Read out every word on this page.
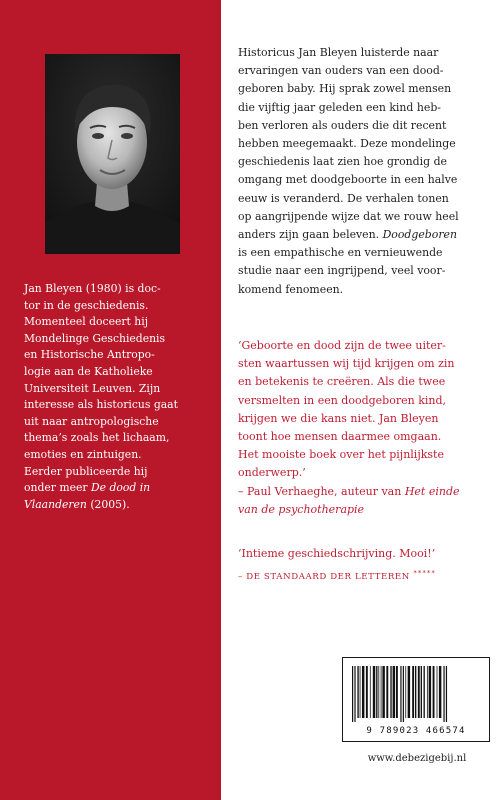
Jan Bleyen (1980) is doc-
tor in de geschiedenis.
Momenteel doceert hij
Mondelinge Geschiedenis
en Historische Antropo-
logie aan de Katholieke
Universiteit Leuven. Zijn
interesse als historicus gaat
uit naar antropologische
thema’s zoals het lichaam,
emoties en zintuigen.
Eerder publiceerde hij
onder meer De dood in
Vlaanderen (2005).
Historicus Jan Bleyen luisterde naar
ervaringen van ouders van een dood-
geboren baby. Hij sprak zowel mensen
die vijftig jaar geleden een kind heb-
ben verloren als ouders die dit recent
hebben meegemaakt. Deze mondelinge
geschiedenis laat zien hoe grondig de
omgang met doodgeboorte in een halve
eeuw is veranderd. De verhalen tonen
op aangrijpende wijze dat we rouw heel
anders zijn gaan beleven. Doodgeboren
is een empathische en vernieuwende
studie naar een ingrijpend, veel voor-
komend fenomeen.
‘Geboorte en dood zijn de twee uiter-
sten waartussen wij tijd krijgen om zin
en betekenis te creëren. Als die twee
versmelten in een doodgeboren kind,
krijgen we die kans niet. Jan Bleyen
toont hoe mensen daarmee omgaan.
Het mooiste boek over het pijnlijkste
onderwerp.’
– Paul Verhaeghe, auteur van Het einde
van de psychotherapie
‘Intieme geschiedschrijving. Mooi!’
– DE STANDAARD DER LETTEREN *****
9 789023 466574
www.debezigebij.nl
